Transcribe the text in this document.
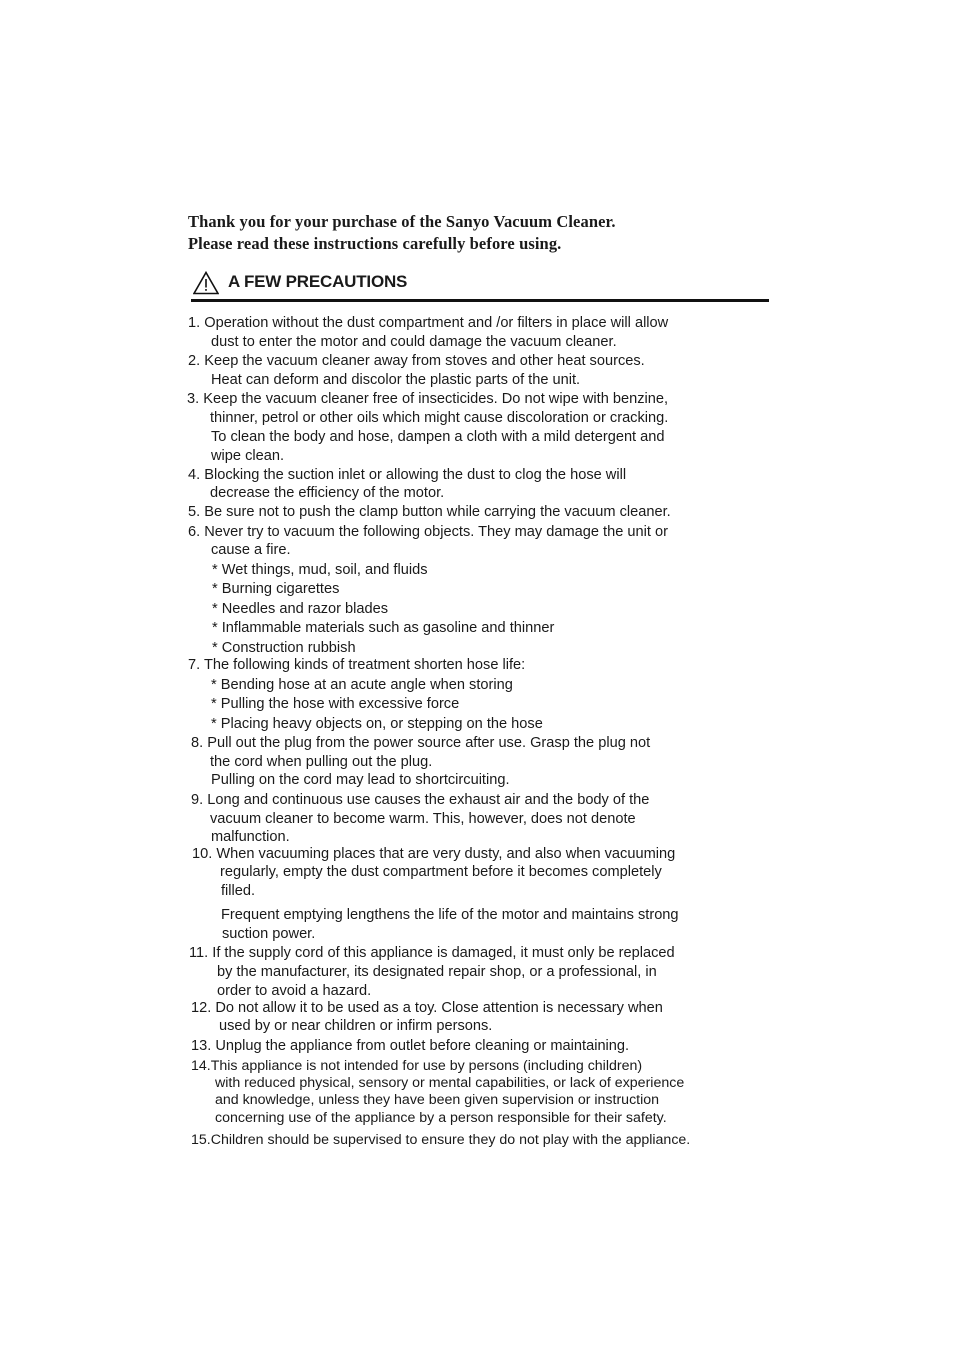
Thank you for your purchase of the Sanyo Vacuum Cleaner.
Please read these instructions carefully before using.
A FEW PRECAUTIONS
1. Operation without the dust compartment and /or filters in place will allow
dust to enter the motor and could damage the vacuum cleaner.
2. Keep the vacuum cleaner away from stoves and other heat sources.
Heat can deform and discolor the plastic parts of the unit.
3. Keep the vacuum cleaner free of insecticides. Do not wipe with benzine,
thinner, petrol or other oils which might cause discoloration or cracking.
To clean the body and hose, dampen a cloth with a mild detergent and
wipe clean.
4. Blocking the suction inlet or allowing the dust to clog the hose will
decrease the efficiency of the motor.
5. Be sure not to push the clamp button while carrying the vacuum cleaner.
6. Never try to vacuum the following objects. They may damage the unit or
cause a fire.
* Wet things, mud, soil, and fluids
* Burning cigarettes
* Needles and razor blades
* Inflammable materials such as gasoline and thinner
* Construction rubbish
7. The following kinds of treatment shorten hose life:
* Bending hose at an acute angle when storing
* Pulling the hose with excessive force
* Placing heavy objects on, or stepping on the hose
8. Pull out the plug from the power source after use. Grasp the plug not
the cord when pulling out the plug.
Pulling on the cord may lead to shortcircuiting.
9. Long and continuous use causes the exhaust air and the body of the
vacuum cleaner to become warm. This, however, does not denote
malfunction.
10. When vacuuming places that are very dusty, and also when vacuuming
regularly, empty the dust compartment before it becomes completely
filled.
Frequent emptying lengthens the life of the motor and maintains strong
suction power.
11. If the supply cord of this appliance is damaged, it must only be replaced
by the manufacturer, its designated repair shop, or a professional, in
order to avoid a hazard.
12. Do not allow it to be used as a toy. Close attention is necessary when
used by or near children or infirm persons.
13. Unplug the appliance from outlet before cleaning or maintaining.
14.This appliance is not intended for use by persons (including children)
with reduced physical, sensory or mental capabilities, or lack of experience
and knowledge, unless they have been given supervision or instruction
concerning use of the appliance by a person responsible for their safety.
15.Children should be supervised to ensure they do not play with the appliance.
